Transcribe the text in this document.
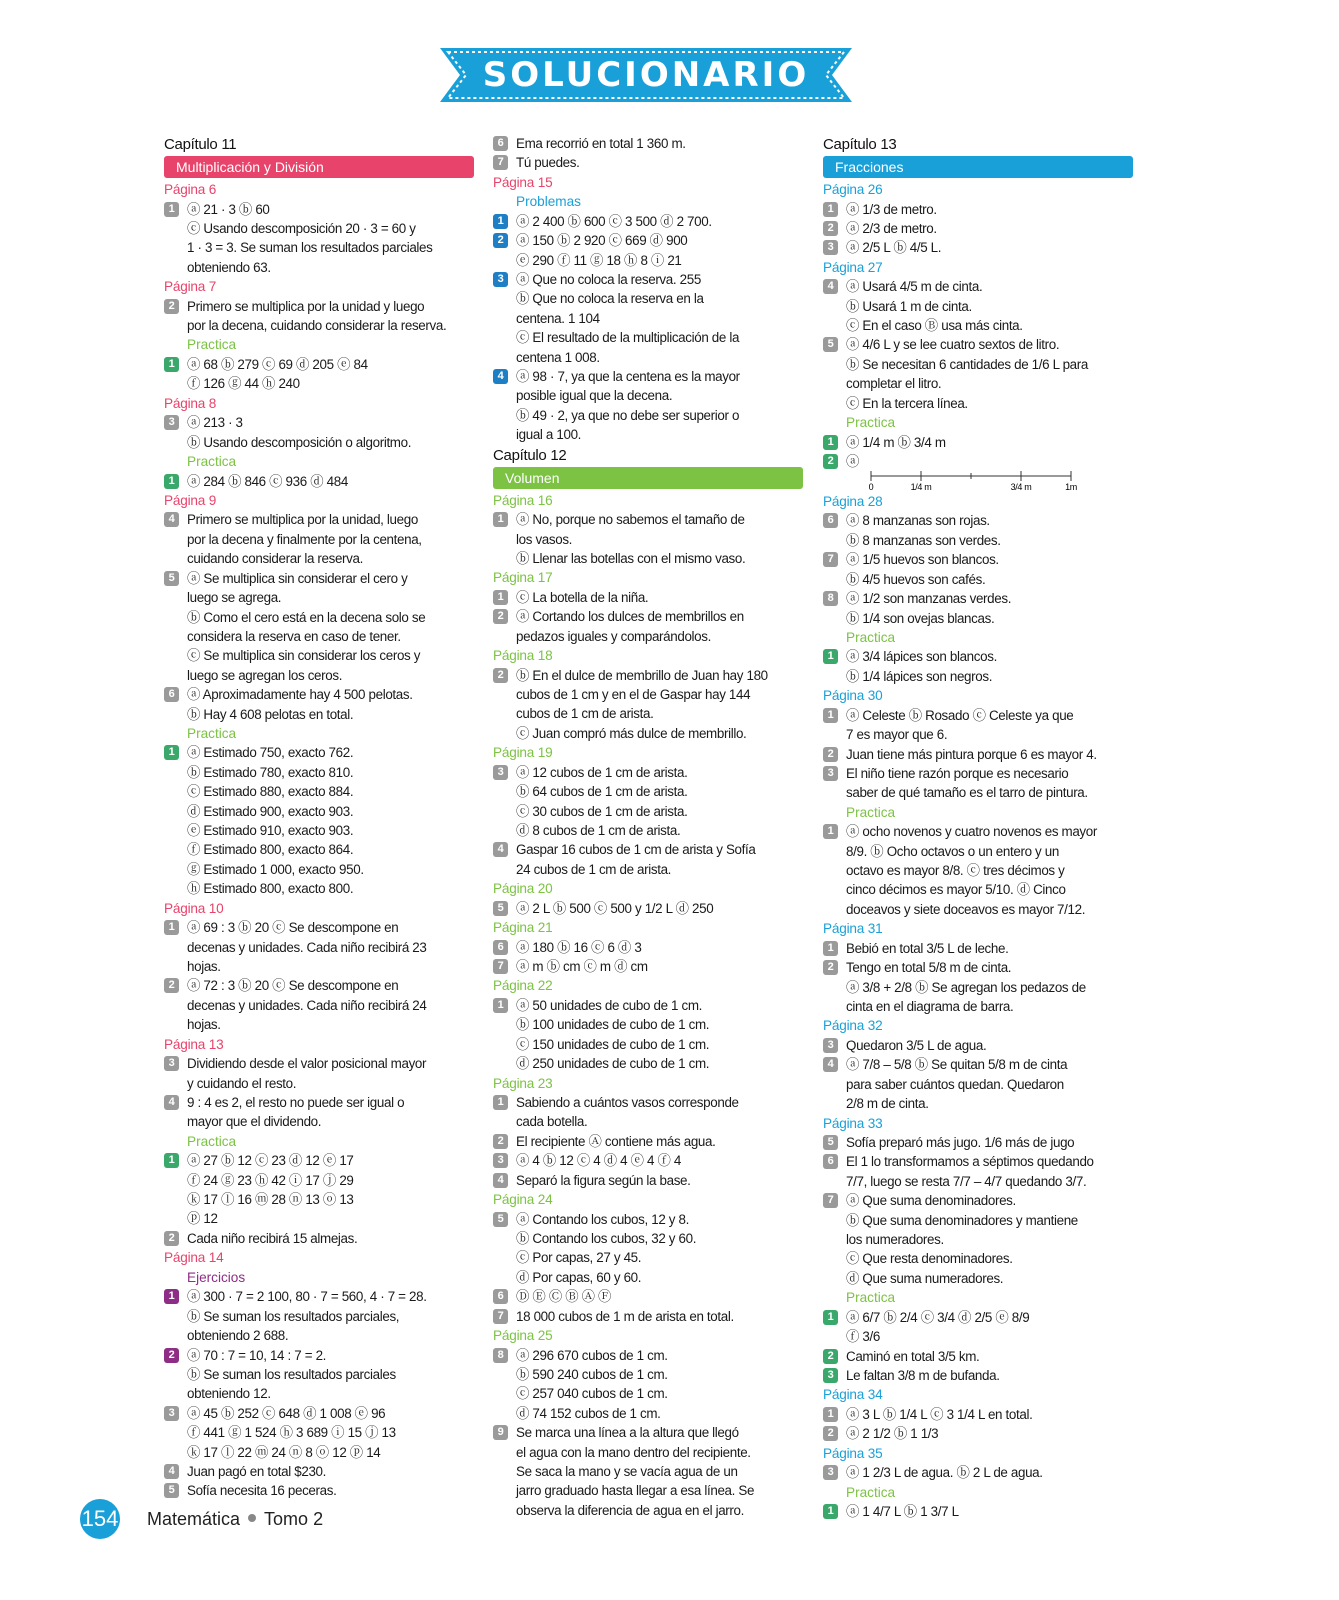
SOLUCIONARIO
Capítulo 11
Multiplicación y División
Página 6
1 ⓐ 21 · 3 ⓑ 60
ⓒ Usando descomposición 20 · 3 = 60 y
1 · 3 = 3. Se suman los resultados parciales
obteniendo 63.
Página 7
2 Primero se multiplica por la unidad y luego
por la decena, cuidando considerar la reserva.
Practica
1 ⓐ 68 ⓑ 279 ⓒ 69 ⓓ 205 ⓔ 84
ⓕ 126 ⓖ 44 ⓗ 240
Página 8
3 ⓐ 213 · 3
ⓑ Usando descomposición o algoritmo.
Practica
1 ⓐ 284 ⓑ 846 ⓒ 936 ⓓ 484
Página 9
4 Primero se multiplica por la unidad, luego
por la decena y finalmente por la centena,
cuidando considerar la reserva.
5 ⓐ Se multiplica sin considerar el cero y
luego se agrega.
ⓑ Como el cero está en la decena solo se
considera la reserva en caso de tener.
ⓒ Se multiplica sin considerar los ceros y
luego se agregan los ceros.
6 ⓐ Aproximadamente hay 4 500 pelotas.
ⓑ Hay 4 608 pelotas en total.
Practica
1 ⓐ Estimado 750, exacto 762.
ⓑ Estimado 780, exacto 810.
ⓒ Estimado 880, exacto 884.
ⓓ Estimado 900, exacto 903.
ⓔ Estimado 910, exacto 903.
ⓕ Estimado 800, exacto 864.
ⓖ Estimado 1 000, exacto 950.
ⓗ Estimado 800, exacto 800.
Página 10
1 ⓐ 69 : 3 ⓑ 20 ⓒ Se descompone en
decenas y unidades. Cada niño recibirá 23
hojas.
2 ⓐ 72 : 3 ⓑ 20 ⓒ Se descompone en
decenas y unidades. Cada niño recibirá 24
hojas.
Página 13
3 Dividiendo desde el valor posicional mayor
y cuidando el resto.
4 9 : 4 es 2, el resto no puede ser igual o
mayor que el dividendo.
Practica
1 ⓐ 27 ⓑ 12 ⓒ 23 ⓓ 12 ⓔ 17
ⓕ 24 ⓖ 23 ⓗ 42 ⓘ 17 ⓙ 29
ⓚ 17 ⓛ 16 ⓜ 28 ⓝ 13 ⓞ 13
ⓟ 12
2 Cada niño recibirá 15 almejas.
Página 14
Ejercicios
1 ⓐ 300 · 7 = 2 100, 80 · 7 = 560, 4 · 7 = 28.
ⓑ Se suman los resultados parciales,
obteniendo 2 688.
2 ⓐ 70 : 7 = 10, 14 : 7 = 2.
ⓑ Se suman los resultados parciales
obteniendo 12.
3 ⓐ 45 ⓑ 252 ⓒ 648 ⓓ 1 008 ⓔ 96
ⓕ 441 ⓖ 1 524 ⓗ 3 689 ⓘ 15 ⓙ 13
ⓚ 17 ⓛ 22 ⓜ 24 ⓝ 8 ⓞ 12 ⓟ 14
4 Juan pagó en total $230.
5 Sofía necesita 16 peceras.
6 Ema recorrió en total 1 360 m.
7 Tú puedes.
Página 15
Problemas
1 ⓐ 2 400 ⓑ 600 ⓒ 3 500 ⓓ 2 700.
2 ⓐ 150 ⓑ 2 920 ⓒ 669 ⓓ 900
ⓔ 290 ⓕ 11 ⓖ 18 ⓗ 8 ⓘ 21
3 ⓐ Que no coloca la reserva. 255
ⓑ Que no coloca la reserva en la
centena. 1 104
ⓒ El resultado de la multiplicación de la
centena 1 008.
4 ⓐ 98 · 7, ya que la centena es la mayor
posible igual que la decena.
ⓑ 49 · 2, ya que no debe ser superior o
igual a 100.
Capítulo 12
Volumen
Página 16
1 ⓐ No, porque no sabemos el tamaño de
los vasos.
ⓑ Llenar las botellas con el mismo vaso.
Página 17
1 ⓒ La botella de la niña.
2 ⓐ Cortando los dulces de membrillos en
pedazos iguales y comparándolos.
Página 18
2 ⓑ En el dulce de membrillo de Juan hay 180
cubos de 1 cm y en el de Gaspar hay 144
cubos de 1 cm de arista.
ⓒ Juan compró más dulce de membrillo.
Página 19
3 ⓐ 12 cubos de 1 cm de arista.
ⓑ 64 cubos de 1 cm de arista.
ⓒ 30 cubos de 1 cm de arista.
ⓓ 8 cubos de 1 cm de arista.
4 Gaspar 16 cubos de 1 cm de arista y Sofía
24 cubos de 1 cm de arista.
Página 20
5 ⓐ 2 L ⓑ 500 ⓒ 500 y 1/2 L ⓓ 250
Página 21
6 ⓐ 180 ⓑ 16 ⓒ 6 ⓓ 3
7 ⓐ m ⓑ cm ⓒ m ⓓ cm
Página 22
1 ⓐ 50 unidades de cubo de 1 cm.
ⓑ 100 unidades de cubo de 1 cm.
ⓒ 150 unidades de cubo de 1 cm.
ⓓ 250 unidades de cubo de 1 cm.
Página 23
1 Sabiendo a cuántos vasos corresponde
cada botella.
2 El recipiente Ⓐ contiene más agua.
3 ⓐ 4 ⓑ 12 ⓒ 4 ⓓ 4 ⓔ 4 ⓕ 4
4 Separó la figura según la base.
Página 24
5 ⓐ Contando los cubos, 12 y 8.
ⓑ Contando los cubos, 32 y 60.
ⓒ Por capas, 27 y 45.
ⓓ Por capas, 60 y 60.
6 Ⓓ Ⓔ Ⓒ Ⓑ Ⓐ Ⓕ
7 18 000 cubos de 1 m de arista en total.
Página 25
8 ⓐ 296 670 cubos de 1 cm.
ⓑ 590 240 cubos de 1 cm.
ⓒ 257 040 cubos de 1 cm.
ⓓ 74 152 cubos de 1 cm.
9 Se marca una línea a la altura que llegó
el agua con la mano dentro del recipiente.
Se saca la mano y se vacía agua de un
jarro graduado hasta llegar a esa línea. Se
observa la diferencia de agua en el jarro.
Capítulo 13
Fracciones
Página 26
1 ⓐ 1/3 de metro.
2 ⓐ 2/3 de metro.
3 ⓐ 2/5 L ⓑ 4/5 L.
Página 27
4 ⓐ Usará 4/5 m de cinta.
ⓑ Usará 1 m de cinta.
ⓒ En el caso Ⓑ usa más cinta.
5 ⓐ 4/6 L y se lee cuatro sextos de litro.
ⓑ Se necesitan 6 cantidades de 1/6 L para
completar el litro.
ⓒ En la tercera línea.
Practica
1 ⓐ 1/4 m ⓑ 3/4 m
2 ⓐ
0	1/4 m	3/4 m	1m
Página 28
6 ⓐ 8 manzanas son rojas.
ⓑ 8 manzanas son verdes.
7 ⓐ 1/5 huevos son blancos.
ⓑ 4/5 huevos son cafés.
8 ⓐ 1/2 son manzanas verdes.
ⓑ 1/4 son ovejas blancas.
Practica
1 ⓐ 3/4 lápices son blancos.
ⓑ 1/4 lápices son negros.
Página 30
1 ⓐ Celeste ⓑ Rosado ⓒ Celeste ya que
7 es mayor que 6.
2 Juan tiene más pintura porque 6 es mayor 4.
3 El niño tiene razón porque es necesario
saber de qué tamaño es el tarro de pintura.
Practica
1 ⓐ ocho novenos y cuatro novenos es mayor
8/9. ⓑ Ocho octavos o un entero y un
octavo es mayor 8/8. ⓒ tres décimos y
cinco décimos es mayor 5/10. ⓓ Cinco
doceavos y siete doceavos es mayor 7/12.
Página 31
1 Bebió en total 3/5 L de leche.
2 Tengo en total 5/8 m de cinta.
ⓐ 3/8 + 2/8 ⓑ Se agregan los pedazos de
cinta en el diagrama de barra.
Página 32
3 Quedaron 3/5 L de agua.
4 ⓐ 7/8 – 5/8 ⓑ Se quitan 5/8 m de cinta
para saber cuántos quedan. Quedaron
2/8 m de cinta.
Página 33
5 Sofía preparó más jugo. 1/6 más de jugo
6 El 1 lo transformamos a séptimos quedando
7/7, luego se resta 7/7 – 4/7 quedando 3/7.
7 ⓐ Que suma denominadores.
ⓑ Que suma denominadores y mantiene
los numeradores.
ⓒ Que resta denominadores.
ⓓ Que suma numeradores.
Practica
1 ⓐ 6/7 ⓑ 2/4 ⓒ 3/4 ⓓ 2/5 ⓔ 8/9
ⓕ 3/6
2 Caminó en total 3/5 km.
3 Le faltan 3/8 m de bufanda.
Página 34
1 ⓐ 3 L ⓑ 1/4 L ⓒ 3 1/4 L en total.
2 ⓐ 2 1/2 ⓑ 1 1/3
Página 35
3 ⓐ 1 2/3 L de agua. ⓑ 2 L de agua.
Practica
1 ⓐ 1 4/7 L ⓑ 1 3/7 L
154 Matemática Tomo 2
